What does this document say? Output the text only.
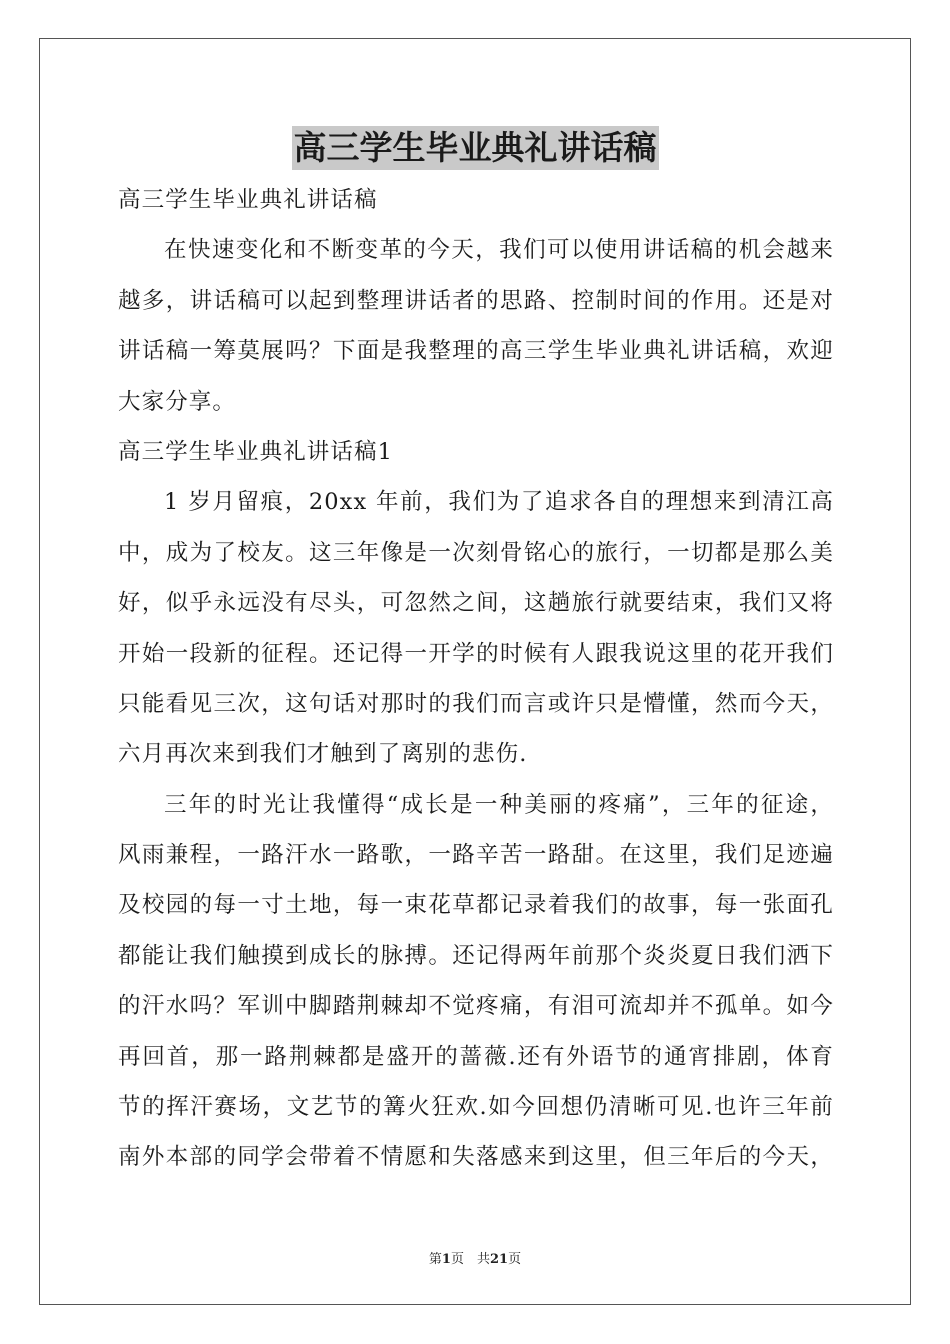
高三学生毕业典礼讲话稿
高三学生毕业典礼讲话稿
在快速变化和不断变革的今天，我们可以使用讲话稿的机会越来
越多，讲话稿可以起到整理讲话者的思路、控制时间的作用。还是对
讲话稿一筹莫展吗？下面是我整理的高三学生毕业典礼讲话稿，欢迎
大家分享。
高三学生毕业典礼讲话稿1
1 岁月留痕，20xx 年前，我们为了追求各自的理想来到清江高
中，成为了校友。这三年像是一次刻骨铭心的旅行，一切都是那么美
好，似乎永远没有尽头，可忽然之间，这趟旅行就要结束，我们又将
开始一段新的征程。还记得一开学的时候有人跟我说这里的花开我们
只能看见三次，这句话对那时的我们而言或许只是懵懂，然而今天，
六月再次来到我们才触到了离别的悲伤.
三年的时光让我懂得“成长是一种美丽的疼痛”，三年的征途，
风雨兼程，一路汗水一路歌，一路辛苦一路甜。在这里，我们足迹遍
及校园的每一寸土地，每一束花草都记录着我们的故事，每一张面孔
都能让我们触摸到成长的脉搏。还记得两年前那个炎炎夏日我们洒下
的汗水吗？军训中脚踏荆棘却不觉疼痛，有泪可流却并不孤单。如今
再回首，那一路荆棘都是盛开的蔷薇.还有外语节的通宵排剧，体育
节的挥汗赛场，文艺节的篝火狂欢.如今回想仍清晰可见.也许三年前
南外本部的同学会带着不情愿和失落感来到这里，但三年后的今天，
第1页　共21页
